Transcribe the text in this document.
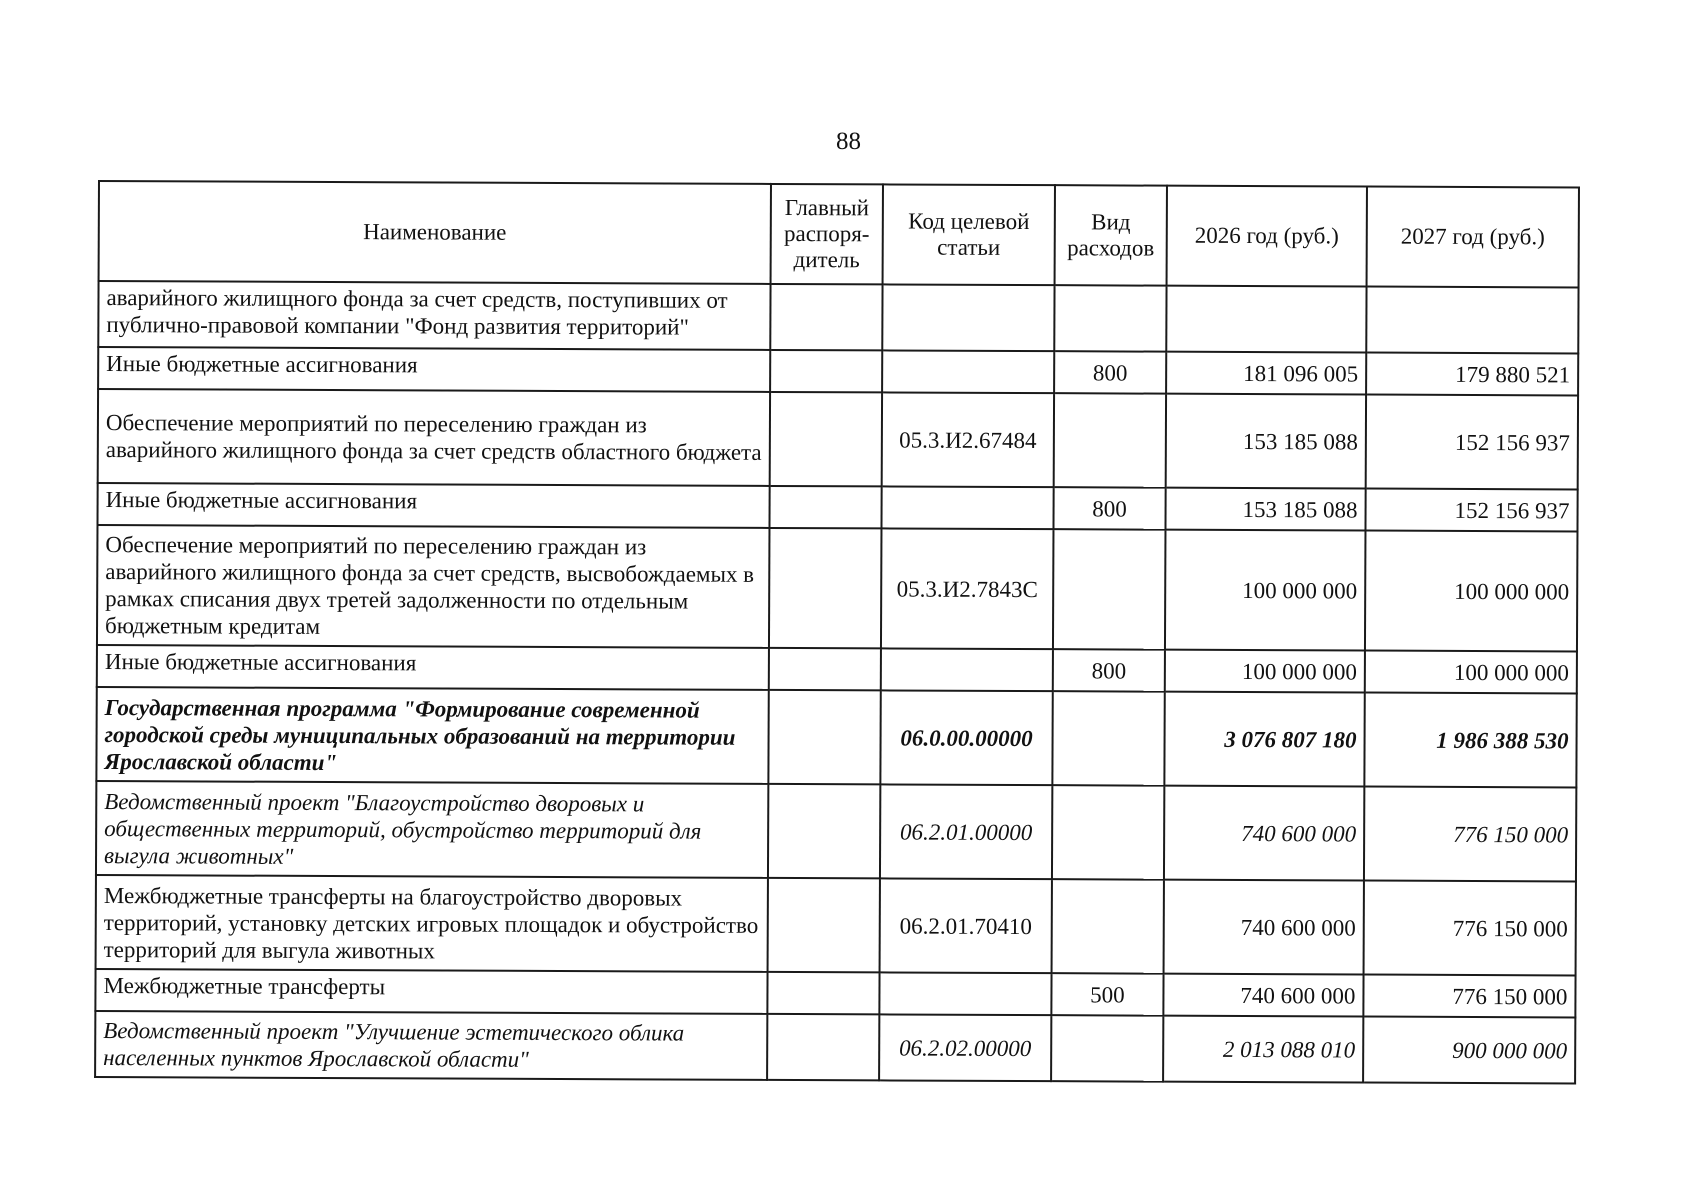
88
Наименование	Главный распоря-дитель	Код целевой статьи	Вид расходов	2026 год (руб.)	2027 год (руб.)
аварийного жилищного фонда за счет средств, поступивших от публично-правовой компании "Фонд развития территорий"					
Иные бюджетные ассигнования			800	181 096 005	179 880 521
Обеспечение мероприятий по переселению граждан из аварийного жилищного фонда за счет средств областного бюджета		05.3.И2.67484		153 185 088	152 156 937
Иные бюджетные ассигнования			800	153 185 088	152 156 937
Обеспечение мероприятий по переселению граждан из аварийного жилищного фонда за счет средств, высвобождаемых в рамках списания двух третей задолженности по отдельным бюджетным кредитам		05.3.И2.7843С		100 000 000	100 000 000
Иные бюджетные ассигнования			800	100 000 000	100 000 000
Государственная программа "Формирование современной городской среды муниципальных образований на территории Ярославской области"		06.0.00.00000		3 076 807 180	1 986 388 530
Ведомственный проект "Благоустройство дворовых и общественных территорий, обустройство территорий для выгула животных"		06.2.01.00000		740 600 000	776 150 000
Межбюджетные трансферты на благоустройство дворовых территорий, установку детских игровых площадок и обустройство территорий для выгула животных		06.2.01.70410		740 600 000	776 150 000
Межбюджетные трансферты			500	740 600 000	776 150 000
Ведомственный проект "Улучшение эстетического облика населенных пунктов Ярославской области"		06.2.02.00000		2 013 088 010	900 000 000
